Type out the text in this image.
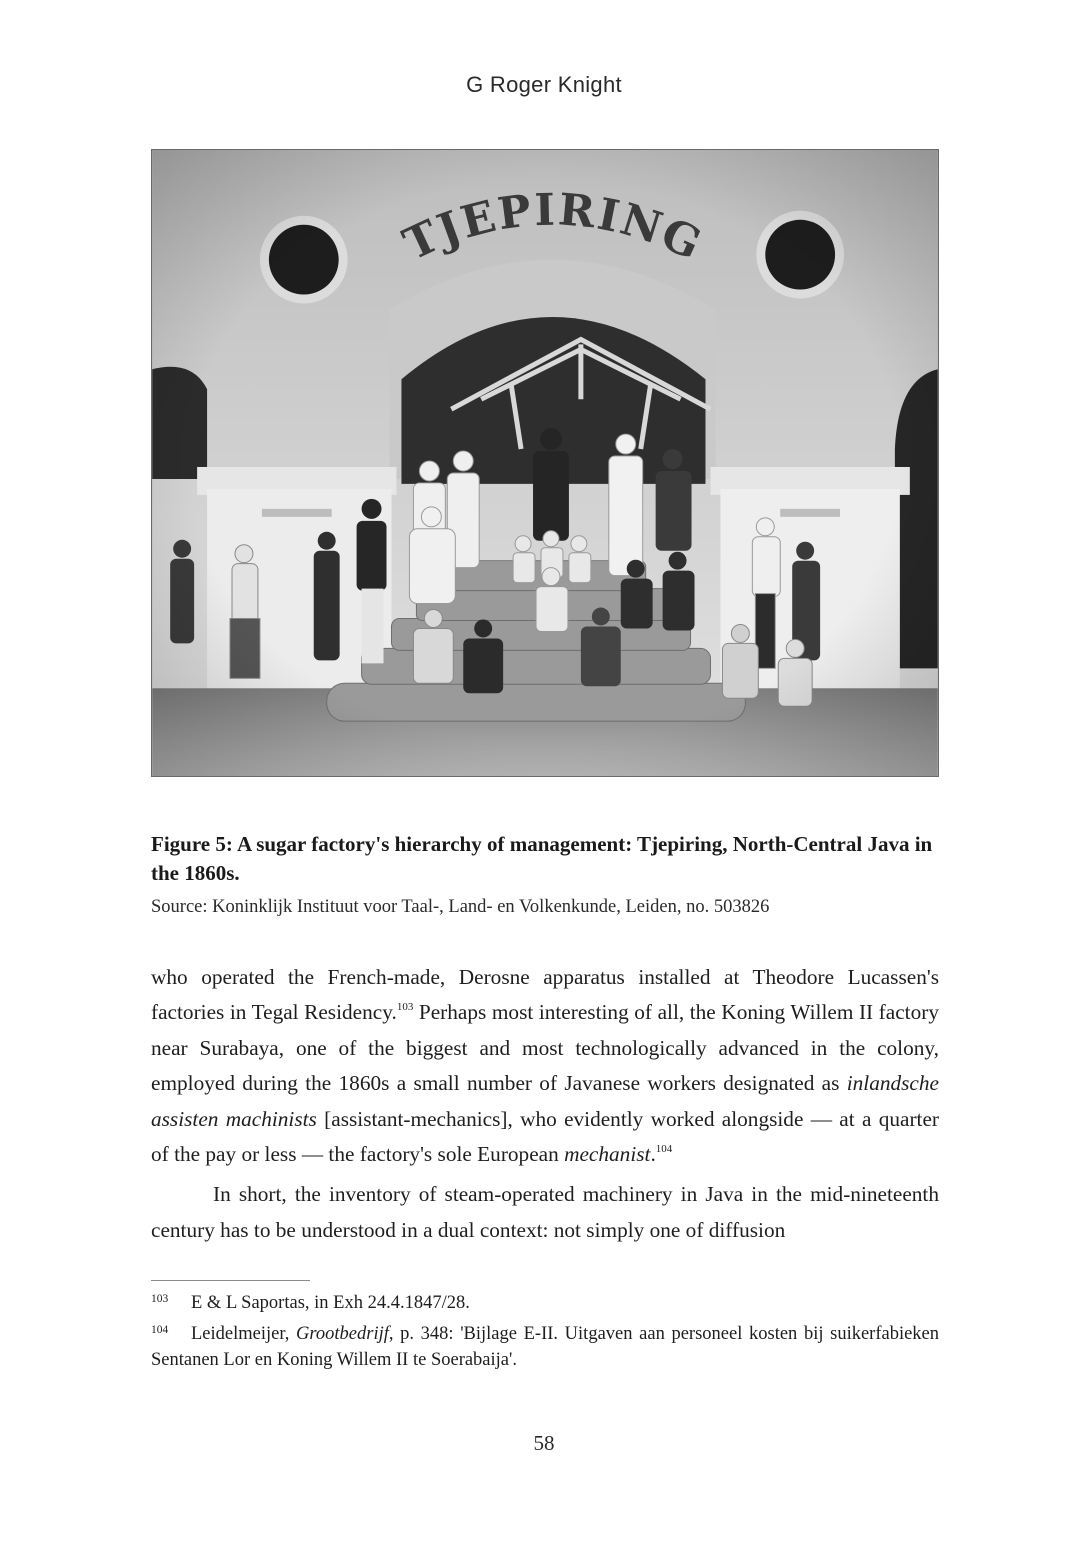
G Roger Knight
Figure 5: A sugar factory's hierarchy of management: Tjepiring, North-Central Java in the 1860s.
Source: Koninklijk Instituut voor Taal-, Land- en Volkenkunde, Leiden, no. 503826

who operated the French-made, Derosne apparatus installed at Theodore Lucassen's factories in Tegal Residency.$^{103}$ Perhaps most interesting of all, the Koning Willem II factory near Surabaya, one of the biggest and most technologically advanced in the colony, employed during the 1860s a small number of Javanese workers designated as inlandsche assisten machinists [assistant-mechanics], who evidently worked alongside — at a quarter of the pay or less — the factory's sole European mechanist.$^{104}$

In short, the inventory of steam-operated machinery in Java in the mid-nineteenth century has to be understood in a dual context: not simply one of diffusion

103 E & L Saportas, in Exh 24.4.1847/28.

104 Leidelmeijer, Grootbedrijf, p. 348: 'Bijlage E-II. Uitgaven aan personeel kosten bij suikerfabieken Sentanen Lor en Koning Willem II te Soerabaija'.

58
